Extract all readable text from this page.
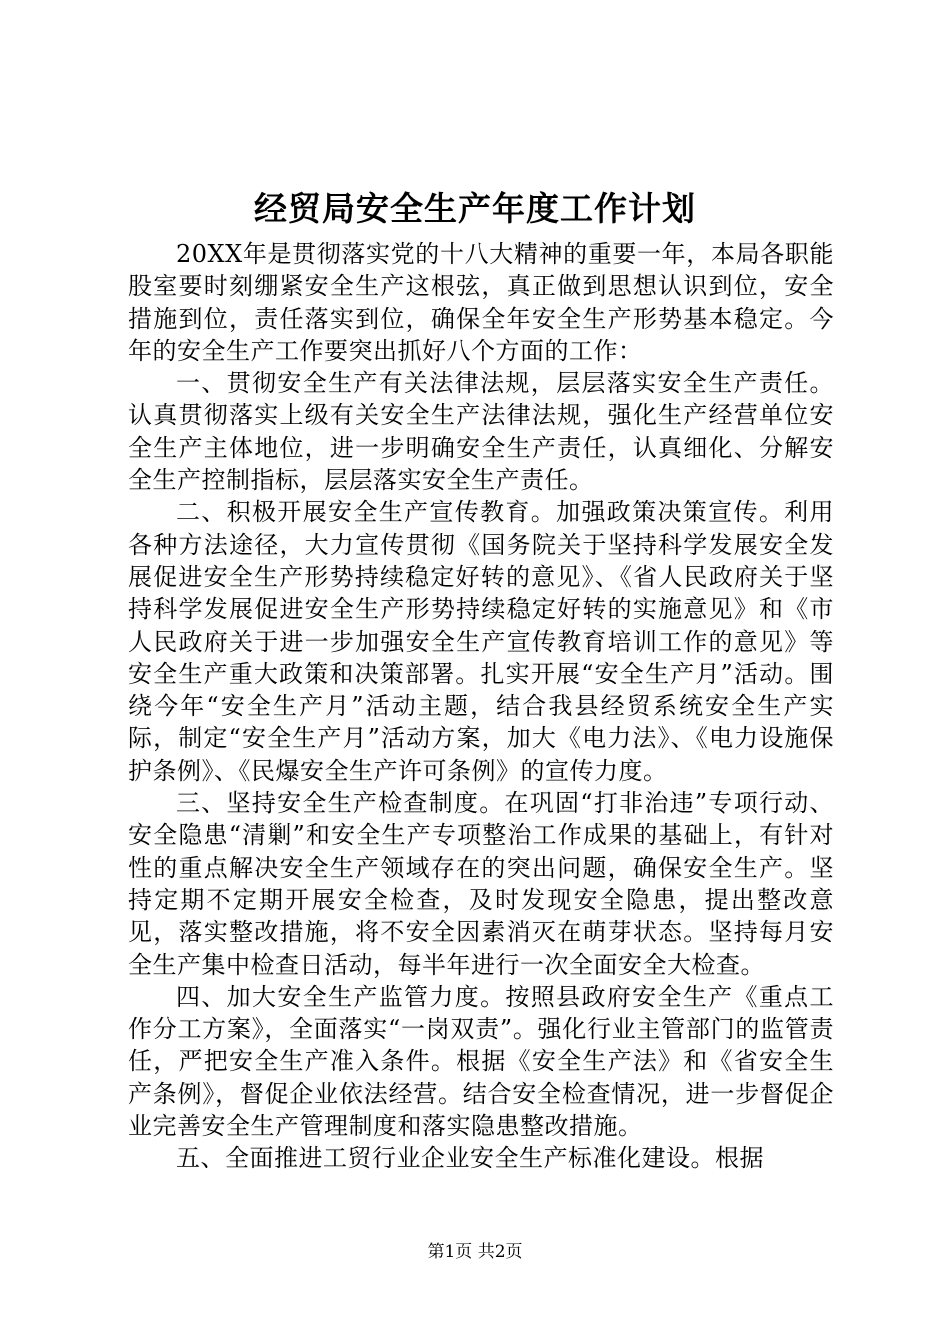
经贸局安全生产年度工作计划

20XX年是贯彻落实党的十八大精神的重要一年，本局各职能股室要时刻绷紧安全生产这根弦，真正做到思想认识到位，安全措施到位，责任落实到位，确保全年安全生产形势基本稳定。今年的安全生产工作要突出抓好八个方面的工作：

一、贯彻安全生产有关法律法规，层层落实安全生产责任。认真贯彻落实上级有关安全生产法律法规，强化生产经营单位安全生产主体地位，进一步明确安全生产责任，认真细化、分解安全生产控制指标，层层落实安全生产责任。

二、积极开展安全生产宣传教育。加强政策决策宣传。利用各种方法途径，大力宣传贯彻《国务院关于坚持科学发展安全发展促进安全生产形势持续稳定好转的意见》、《省人民政府关于坚持科学发展促进安全生产形势持续稳定好转的实施意见》和《市人民政府关于进一步加强安全生产宣传教育培训工作的意见》等安全生产重大政策和决策部署。扎实开展“安全生产月”活动。围绕今年“安全生产月”活动主题，结合我县经贸系统安全生产实际，制定“安全生产月”活动方案，加大《电力法》、《电力设施保护条例》、《民爆安全生产许可条例》的宣传力度。

三、坚持安全生产检查制度。在巩固“打非治违”专项行动、安全隐患“清剿”和安全生产专项整治工作成果的基础上，有针对性的重点解决安全生产领域存在的突出问题，确保安全生产。坚持定期不定期开展安全检查，及时发现安全隐患，提出整改意见，落实整改措施，将不安全因素消灭在萌芽状态。坚持每月安全生产集中检查日活动，每半年进行一次全面安全大检查。

四、加大安全生产监管力度。按照县政府安全生产《重点工作分工方案》，全面落实“一岗双责”。强化行业主管部门的监管责任，严把安全生产准入条件。根据《安全生产法》和《省安全生产条例》，督促企业依法经营。结合安全检查情况，进一步督促企业完善安全生产管理制度和落实隐患整改措施。

五、全面推进工贸行业企业安全生产标准化建设。根据

第1页 共2页
